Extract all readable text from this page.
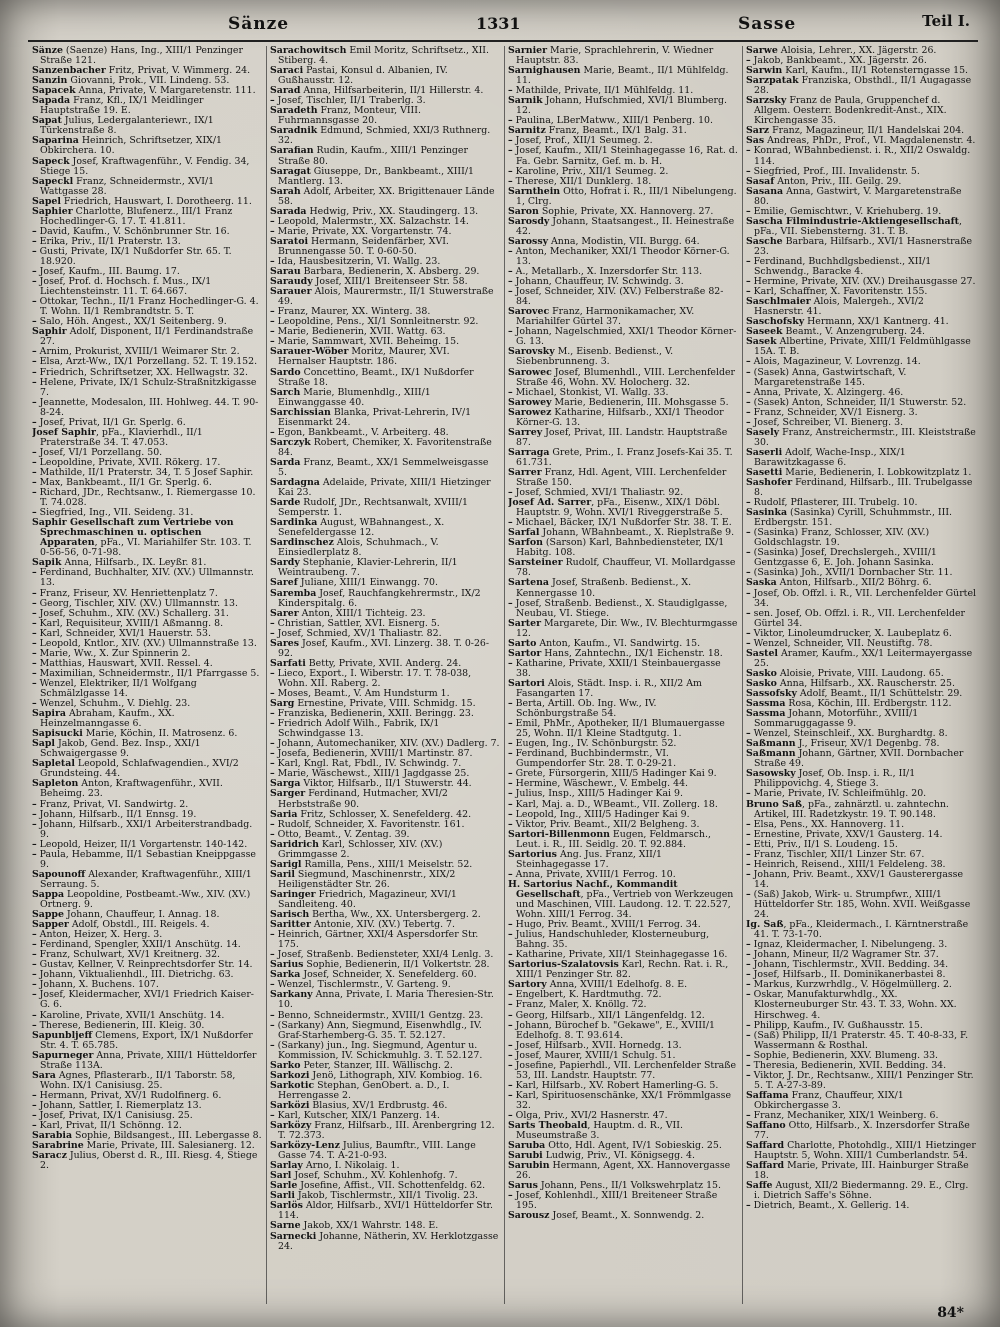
Sänze	1331	Sasse	Teil I.

Sänze (Saenze) Hans, Ing., XIII/1 Penzinger Straße 121.

Sanzenbacher Fritz, Privat, V. Wimmerg. 24.

Sanzin Giovanni, Prok., VII. Lindeng. 53.

Sapacek Anna, Private, V. Margaretenstr. 111.

Sapada Franz, Kfl., IX/1 Meidlinger Hauptstraße 19. E.

Sapat Julius, Ledergalanteriewr., IX/1 Türkenstraße 8.

Saparina Heinrich, Schriftsetzer, XIX/1 Obkirchera. 10.

Sapeck Josef, Kraftwagenführ., V. Fendig. 34, Stiege 15.

Sapeckl Franz, Schneidermstr., XVI/1 Wattgasse 28.

Sapel Friedrich, Hauswart, I. Dorotheerg. 11.

Saphier Charlotte, Blufenerz., III/1 Franz Hochedlinger-G. 17. T. 41.811.

– David, Kaufm., V. Schönbrunner Str. 16.

– Erika, Priv., II/1 Praterstr. 13.

– Gusti, Private, IX/1 Nußdorfer Str. 65. T. 18.920.

– Josef, Kaufm., III. Baumg. 17.

– Josef, Prof. d. Hochsch. f. Mus., IX/1 Liechtensteinstr. 11. T. 64.667.

– Ottokar, Techn., II/1 Franz Hochedlinger-G. 4. T. Wohn. II/1 Rembrandtstr. 5. T.

– Salo, Höh. Angest., XX/1 Seitenberg. 9.

Saphir Adolf, Disponent, II/1 Ferdinandstraße 27.

– Arnim, Prokurist, XVIII/1 Weimarer Str. 2.

– Elsa, Arzt-Ww., IX/1 Porzellang. 52. T. 19.152.

– Friedrich, Schriftsetzer, XX. Hellwagstr. 32.

– Helene, Private, IX/1 Schulz-Straßnitzkigasse 7.

– Jeannette, Modesalon, III. Hohlweg. 44. T. 90-8-24.

– Josef, Privat, II/1 Gr. Sperlg. 6.

Josef Saphir, pFa., Klavierhdl., II/1 Praterstraße 34. T. 47.053.

– Josef, VI/1 Porzellang. 50.

– Leopoldine, Private, XVII. Rökerg. 17.

– Mathilde, II/1 Praterstr. 34, T. 5 Josef Saphir.

– Max, Bankbeamt., II/1 Gr. Sperlg. 6.

– Richard, JDr., Rechtsanw., I. Riemergasse 10. T. 74.028.

– Siegfried, Ing., VII. Seideng. 31.

Saphir Gesellschaft zum Vertriebe von Sprechmaschinen u. optischen Apparaten, pFa., VI. Mariahilfer Str. 103. T. 0-56-56, 0-71-98.

Sapik Anna, Hilfsarb., IX. Leyßr. 81.

– Ferdinand, Buchhalter, XIV. (XV.) Ullmannstr. 13.

– Franz, Friseur, XV. Henriettenplatz 7.

– Georg, Tischler, XIV. (XV.) Ullmannstr. 13.

– Josef, Schuhm., XIV. (XV.) Schallerg. 31.

– Karl, Requisiteur, XVIII/1 Aßmanng. 8.

– Karl, Schneider, XVI/1 Hauerstr. 53.

– Leopold, Kntlor., XIV. (XV.) Ullmannstraße 13.

– Marie, Ww., X. Zur Spinnerin 2.

– Matthias, Hauswart, XVII. Ressel. 4.

– Maximilian, Schneidermstr., II/1 Pfarrgasse 5.

– Wenzel, Elektriker, II/1 Wolfgang Schmälzlgasse 14.

– Wenzel, Schuhm., V. Diehlg. 23.

Sapira Abraham, Kaufm., XX. Heinzelmanngasse 6.

Sapisucki Marie, Köchin, II. Matrosenz. 6.

Sapl Jakob, Gend. Bez. Insp., XXI/1 Schwaigergasse 9.

Sapletal Leopold, Schlafwagendien., XVI/2 Grundsteing. 44.

Sapleton Anton, Kraftwagenführ., XVII. Beheimg. 23.

– Franz, Privat, VI. Sandwirtg. 2.

– Johann, Hilfsarb., II/1 Ennsg. 19.

– Johann, Hilfsarb., XXI/1 Arbeiterstrandbadg. 9.

– Leopold, Heizer, II/1 Vorgartenstr. 140-142.

– Paula, Hebamme, II/1 Sebastian Kneippgasse 9.

Sapounoff Alexander, Kraftwagenführ., XIII/1 Serraung. 5.

Sappa Leopoldine, Postbeamt.-Ww., XIV. (XV.) Ortnerg. 9.

Sappe Johann, Chauffeur, I. Annag. 18.

Sapper Adolf, Obstdl., III. Reigels. 4.

– Anton, Heizer, X. Herg. 3.

– Ferdinand, Spengler, XXII/1 Anschütg. 14.

– Franz, Schulwart, XV/1 Kreitnerg. 32.

– Gustav, Kellner, V. Reinprechtsdorfer Str. 14.

– Johann, Viktualienhdl., III. Dietrichg. 63.

– Johann, X. Buchens. 107.

– Josef, Kleidermacher, XVI/1 Friedrich Kaiser-G. 6.

– Karoline, Private, XVII/1 Anschütg. 14.

– Therese, Bedienerin, III. Kleig. 30.

Sapunbljeff Clemens, Export, IX/1 Nußdorfer Str. 4. T. 65.785.

Sapurneger Anna, Private, XIII/1 Hütteldorfer Straße 113A.

Sara Agnes, Pflasterarb., II/1 Taborstr. 58, Wohn. IX/1 Canisiusg. 25.

– Hermann, Privat, XV/1 Rudolfinerg. 6.

– Johann, Sattler, I. Riemerplatz 13.

– Josef, Privat, IX/1 Canisiusg. 25.

– Karl, Privat, II/1 Schönng. 12.

Sarabia Sophie, Bildsangest., III. Lebergasse 8.

Sarabrine Marie, Private, III. Salesianerg. 12.

Saracz Julius, Oberst d. R., III. Riesg. 4, Stiege 2.

Sarachowitsch Emil Moritz, Schriftsetz., XII. Stiberg. 4.

Saraci Pastai, Konsul d. Albanien, IV. Gußhausstr. 12.

Sarad Anna, Hilfsarbeiterin, II/1 Hillerstr. 4.

– Josef, Tischler, II/1 Traberlg. 3.

Saradeth Franz, Monteur, VIII. Fuhrmannsgasse 20.

Saradnik Edmund, Schmied, XXI/3 Ruthnerg. 32.

Sarafian Rudin, Kaufm., XIII/1 Penzinger Straße 80.

Saragat Giuseppe, Dr., Bankbeamt., XIII/1 Mantlerg. 13.

Sarah Adolf, Arbeiter, XX. Brigittenauer Lände 58.

Sarada Hedwig, Priv., XX. Staudingerg. 13.

– Leopold, Malermstr., XX. Salzachstr. 14.

– Marie, Private, XX. Vorgartenstr. 74.

Saratoi Hermann, Seidenfärber, XVI. Brunnengasse 50. T. 0-60-50.

– Ida, Hausbesitzerin, VI. Wallg. 23.

Sarau Barbara, Bedienerin, X. Absberg. 29.

Saraudy Josef, XIII/1 Breitenseer Str. 58.

Sarauer Alois, Maurermstr., II/1 Stuwerstraße 49.

– Franz, Maurer, XX. Winterg. 38.

– Leopoldine, Pens., XI/1 Sonnleitnerstr. 92.

– Marie, Bedienerin, XVII. Wattg. 63.

– Marie, Sammwart, XVII. Beheimg. 15.

Sarauer-Wöber Moritz, Maurer, XVI. Hernalser Hauptstr. 186.

Sardo Concettino, Beamt., IX/1 Nußdorfer Straße 18.

Sarch Marie, Blumenhdlg., XIII/1 Einwanggasse 40.

Sarchissian Blanka, Privat-Lehrerin, IV/1 Eisenmarkt 24.

– Egon, Bankbeamt., V. Arbeiterg. 48.

Sarczyk Robert, Chemiker, X. Favoritenstraße 84.

Sarda Franz, Beamt., XX/1 Semmelweisgasse 5.

Sardagna Adelaide, Private, XIII/1 Hietzinger Kai 23.

Sarde Rudolf, JDr., Rechtsanwalt, XVIII/1 Semperstr. 1.

Sardinka August, WBahnangest., X. Senefeldergasse 12.

Sardinschez Alois, Schuhmach., V. Einsiedlerplatz 8.

Sardy Stephanie, Klavier-Lehrerin, II/1 Weintraubeng. 7.

Saref Juliane, XIII/1 Einwangg. 70.

Saremba Josef, Rauchfangkehrermstr., IX/2 Kinderspitalg. 6.

Sarer Anton, XIII/1 Tichteig. 23.

– Christian, Sattler, XVI. Eisnerg. 5.

– Josef, Schmied, XV/1 Thaliastr. 82.

Sares Josef, Kaufm., XVI. Linzerg. 38. T. 0-26-92.

Sarfati Betty, Private, XVII. Anderg. 24.

– Lieco, Export., I. Wiberstr. 17. T. 78-038, Wohn. XII. Raberg. 2.

– Moses, Beamt., V. Am Hundsturm 1.

Sarg Ernestine, Private, VIII. Schmidg. 15.

– Franziska, Bedienerin, XXII. Beringg. 23.

– Friedrich Adolf Wilh., Fabrik, IX/1 Schwindgasse 13.

– Johann, Automechaniker, XIV. (XV.) Dadlerg. 7.

– Josefa, Bedienerin, XVIII/1 Martinstr. 87.

– Karl, Kngl. Rat, Fbdl., IV. Schwindg. 7.

– Marie, Wäschewst., XIII/1 Jagdgasse 25.

Sarga Viktor, Hilfsarb., II/1 Stuwerstr. 44.

Sarger Ferdinand, Hutmacher, XVI/2 Herbststraße 90.

Saria Fritz, Schlosser, X. Senefelderg. 42.

– Rudolf, Schneider, X. Favoritenstr. 161.

– Otto, Beamt., V. Zentag. 39.

Saridrich Karl, Schlosser, XIV. (XV.) Grimmgasse 2.

Sarigl Ramilla, Pens., XIII/1 Meiselstr. 52.

Saril Siegmund, Maschinenrstr., XIX/2 Heiligenstädter Str. 26.

Saringer Friedrich, Magazineur, XVI/1 Sandleiteng. 40.

Sarisch Bertha, Ww., XX. Untersbergerg. 2.

Saritter Antonie, XIV. (XV.) Tebertg. 7.

– Heinrich, Gärtner, XXI/4 Aspersdorfer Str. 175.

– Josef, Straßenb. Bediensteter, XXI/4 Lenlg. 3.

Sarius Sophie, Bedienerin, II/1 Volkertstr. 28.

Sarka Josef, Schneider, X. Senefelderg. 60.

– Wenzel, Tischlermstr., V. Garteng. 9.

Sarkany Anna, Private, I. Maria Theresien-Str. 10.

– Benno, Schneidermstr., XVIII/1 Gentzg. 23.

– (Sarkany) Ann, Siegmund, Eisenwhdlg., IV. Graf-Starhemberg-G. 35. T. 52.127.

– (Sarkany) jun., Ing. Siegmund, Agentur u. Kommission, IV. Schickmuhlg. 3. T. 52.127.

Sarko Peter, Stanzer, III. Wällischg. 2.

Sarkozi Jenö, Lithograph, XIV. Kombiog. 16.

Sarkotic Stephan, GenObert. a. D., I. Herrengasse 2.

Sarközi Blasius, XV/1 Erdbrustg. 46.

– Karl, Kutscher, XIX/1 Panzerg. 14.

Sarközy Franz, Hilfsarb., III. Arenbergring 12. T. 72.373.

Sarközy-Lenz Julius, Baumftr., VIII. Lange Gasse 74. T. A-21-0-93.

Sarlay Arno, I. Nikolaig. 1.

Sarl Josef, Schuhm., XV. Kohlenhofg. 7.

Sarle Josefine, Affist., VII. Schottenfeldg. 62.

Sarli Jakob, Tischlermstr., XII/1 Tivolig. 23.

Sarlös Aldor, Hilfsarb., XVI/1 Hütteldorfer Str. 114.

Sarne Jakob, XX/1 Wahrstr. 148. E.

Sarnecki Johanne, Nätherin, XV. Herklotzgasse 24.

Sarnier Marie, Sprachlehrerin, V. Wiedner Hauptstr. 83.

Sarnighausen Marie, Beamt., II/1 Mühlfeldg. 11.

– Mathilde, Private, II/1 Mühlfeldg. 11.

Sarnik Johann, Hufschmied, XVI/1 Blumberg. 12.

– Paulina, LBerMatww., XIII/1 Penberg. 10.

Sarnitz Franz, Beamt., IX/1 Balg. 31.

– Josef, Prof., XII/1 Seumeg. 2.

– Josef, Kaufm., XII/1 Steinhagegasse 16, Rat. d. Fa. Gebr. Sarnitz, Gef. m. b. H.

– Karoline, Priv., XII/1 Seumeg. 2.

– Therese, XII/1 Dunklerg. 18.

Sarnthein Otto, Hofrat i. R., III/1 Nibelungeng. 1, Clrg.

Saron Sophie, Private, XX. Hannoverg. 27.

Sarosdy Johann, Staatsangest., II. Heinestraße 42.

Sarossy Anna, Modistin, VII. Burgg. 64.

– Anton, Mechaniker, XXI/1 Theodor Körner-G. 13.

– A., Metallarb., X. Inzersdorfer Str. 113.

– Johann, Chauffeur, IV. Schwindg. 3.

– Josef, Schneider, XIV. (XV.) Felberstraße 82-84.

Sarovec Franz, Harmonikamacher, XV. Mariahilfer Gürtel 37.

– Johann, Nagelschmied, XXI/1 Theodor Körner-G. 13.

Sarovsky M., Eisenb. Bedienst., V. Siebenbrunneng. 3.

Sarowec Josef, Blumenhdl., VIII. Lerchenfelder Straße 46, Wohn. XV. Holocherg. 32.

– Michael, Stonkist, VI. Wallg. 33.

Sarowey Marie, Bedienerin, III. Mohsgasse 5.

Sarowez Katharine, Hilfsarb., XXI/1 Theodor Körner-G. 13.

Sarrey Josef, Privat, III. Landstr. Hauptstraße 87.

Sarraga Grete, Prim., I. Franz Josefs-Kai 35. T. 61.731.

Sarrer Franz, Hdl. Agent, VIII. Lerchenfelder Straße 150.

– Josef, Schmied, XVI/1 Thaliastr. 92.

Josef Ad. Sarrer, pFa., Eisenw., XIX/1 Döbl. Hauptstr. 9, Wohn. XVI/1 Riveggerstraße 5.

– Michael, Bäcker, IX/1 Nußdorfer Str. 38. T. E.

Sarfal Johann, WBahnbeamt., X. Rieplstraße 9.

Sarfon (Sarson) Karl, Bahnbediensteter, IX/1 Habitg. 108.

Sarsteiner Rudolf, Chauffeur, VI. Mollardgasse 78.

Sartena Josef, Straßenb. Bedienst., X. Kennergasse 10.

– Josef, Straßenb. Bedienst., X. Staudiglgasse, Neubau, VI. Stiege.

Sarter Margarete, Dir. Ww., IV. Blechturmgasse 12.

Sarto Anton, Kaufm., VI. Sandwirtg. 15.

Sartor Hans, Zahntechn., IX/1 Eichenstr. 18.

– Katharine, Private, XXII/1 Steinbauergasse 38.

Sartori Alois, Städt. Insp. i. R., XII/2 Am Fasangarten 17.

– Berta, Artill. Ob. Ing. Ww., IV. Schönburgstraße 54.

– Emil, PhMr., Apotheker, II/1 Blumauergasse 25, Wohn. II/1 Kleine Stadtgutg. 1.

– Eugen, Ing., IV. Schönburgstr. 52.

– Ferdinand, Buchbindermstr., VI. Gumpendorfer Str. 28. T. 0-29-21.

– Grete, Fürsorgerin, XIII/5 Hadinger Kai 9.

– Hermine, Wäschewr., V. Embelg. 44.

– Julius, Insp., XIII/5 Hadinger Kai 9.

– Karl, Maj. a. D., WBeamt., VII. Zollerg. 18.

– Leopold, Ing., XIII/5 Hadinger Kai 9.

– Viktor, Priv. Beamt., XII/2 Belgheng. 3.

Sartori-Billenmonn Eugen, Feldmarsch., Leut. i. R., III. Seidlg. 20. T. 92.884.

Sartorius Ang. Jus. Franz, XII/1 Steinhagegasse 17.

– Anna, Private, XVIII/1 Ferrog. 10.

H. Sartorius Nachf., Kommandit Gesellschaft, pFa., Vertrieb von Werkzeugen und Maschinen, VIII. Laudong. 12. T. 22.527, Wohn. XIII/1 Ferrog. 34.

– Hugo, Priv. Beamt., XVIII/1 Ferrog. 34.

– Julius, Handschuhleder, Klosterneuburg, Bahng. 35.

– Katharine, Private, XII/1 Steinhagegasse 16.

Sartorius-Szalatovsis Karl, Rechn. Rat. i. R., XIII/1 Penzinger Str. 82.

Sartory Anna, XVIII/1 Edelhofg. 8. E.

– Engelbert, K. Hardtmuthg. 72.

– Franz, Maler, X. Knöllg. 72.

– Georg, Hilfsarb., XII/1 Längenfeldg. 12.

– Johann, Bürochef b. "Gekawe", E., XVIII/1 Edelhofg. 8. T. 93.614.

– Josef, Hilfsarb., XVII. Hornedg. 13.

– Josef, Maurer, XVIII/1 Schulg. 51.

– Josefine, Papierhdl., VII. Lerchenfelder Straße 53, III. Landstr. Hauptstr. 77.

– Karl, Hilfsarb., XV. Robert Hamerling-G. 5.

– Karl, Spirituosenschänke, XX/1 Frömmlgasse 32.

– Olga, Priv., XVI/2 Hasnerstr. 47.

Sarts Theobald, Hauptm. d. R., VII. Museumstraße 3.

Saruba Otto, Hdl. Agent, IV/1 Sobieskig. 25.

Sarubi Ludwig, Priv., VI. Königsegg. 4.

Sarubin Hermann, Agent, XX. Hannovergasse 26.

Sarus Johann, Pens., II/1 Volkswehrplatz 15.

– Josef, Kohlenhdl., XIII/1 Breiteneer Straße 195.

Sarousz Josef, Beamt., X. Sonnwendg. 2.

Sarwe Aloisia, Lehrer., XX. Jägerstr. 26.

– Jakob, Bankbeamt., XX. Jägerstr. 26.

Sarwin Karl, Kaufm., II/1 Rotensterngasse 15.

Sarzpatak Franziska, Obsthdl., II/1 Augagasse 28.

Sarzsky Franz de Paula, Gruppenchef d. Allgem. Oesterr. Bodenkredit-Anst., XIX. Kirchengasse 35.

Sarz Franz, Magazineur, II/1 Handelskai 204.

Sas Andreas, PhDr., Prof., VI. Magdalenenstr. 4.

– Konrad, WBahnbedienst. i. R., XII/2 Oswaldg. 114.

– Siegfried, Prof., III. Invalidenstr. 5.

Sasaf Anton, Priv., III. Geilg. 29.

Sasana Anna, Gastwirt, V. Margaretenstraße 80.

– Emilie, Gemischtwr., V. Kriehuberg. 19.

Sascha Filmindustrie-Aktiengesellschaft, pFa., VII. Siebensterng. 31. T. B.

Sasche Barbara, Hilfsarb., XVI/1 Hasnerstraße 23.

– Ferdinand, Buchhdlgsbedienst., XII/1 Schwendg., Baracke 4.

– Hermine, Private, XIV. (XV.) Dreihausgasse 27.

– Karl, Schaffner, X. Favoritenstr. 155.

Saschlmaier Alois, Malergeh., XVI/2 Hasnerstr. 41.

Saschofsky Hermann, XX/1 Kantnerg. 41.

Saseek Beamt., V. Anzengruberg. 24.

Sasek Albertine, Private, XIII/1 Feldmühlgasse 15A. T. B.

– Alois, Magazineur, V. Lovrenzg. 14.

– (Sasek) Anna, Gastwirtschaft, V. Margaretenstraße 145.

– Anna, Private, X. Alzingerg. 46.

– (Sasek) Anton, Schneider, II/1 Stuwerstr. 52.

– Franz, Schneider, XV/1 Eisnerg. 3.

– Josef, Schreiber, VI. Bienerg. 3.

Sasely Franz, Anstreichermstr., III. Kleiststraße 30.

Saserli Adolf, Wache-Insp., XIX/1 Barawitzkagasse 6.

Sasetti Marie, Bedienerin, I. Lobkowitzplatz 1.

Sashofer Ferdinand, Hilfsarb., III. Trubelgasse 8.

– Rudolf, Pflasterer, III. Trubelg. 10.

Sasinka (Sasinka) Cyrill, Schuhmmstr., III. Erdbergstr. 151.

– (Sasinka) Franz, Schlosser, XIV. (XV.) Goldschlagstr. 19.

– (Sasinka) Josef, Drechslergeh., XVIII/1 Gentzgasse 6, E. Joh. Johann Sasinka.

– (Sasinka) Joh., XVII/1 Dornbacher Str. 11.

Saska Anton, Hilfsarb., XII/2 Böhrg. 6.

– Josef, Ob. Offzl. i. R., VII. Lerchenfelder Gürtel 34.

– sen. Josef, Ob. Offzl. i. R., VII. Lerchenfelder Gürtel 34.

– Viktor, Linoleumdrucker, X. Laubeplatz 6.

– Wenzel, Schneider, VII. Neustiftg. 78.

Sastel Aramer, Kaufm., XX/1 Leitermayergasse 25.

Sasko Aloisie, Private, VIII. Laudong. 65.

Sasko Anna, Hilfsarb., XX. Rauscherstr. 25.

Sassofsky Adolf, Beamt., II/1 Schüttelstr. 29.

Sassma Rosa, Köchin, III. Erdbergstr. 112.

Sassma Johann, Motorführ., XVIII/1 Sommaruggagasse 9.

– Wenzel, Steinschleif., XX. Burghardtg. 8.

Saßmann J., Friseur, XV/1 Degenbg. 78.

Saßmann Johann, Gärtner, XVII. Dornbacher Straße 49.

Sasowsky Josef, Ob. Insp. i. R., II/1 Philippovichg. 4, Stiege 3.

– Marie, Private, IV. Schleifmühlg. 20.

Bruno Saß, pFa., zahnärztl. u. zahntechn. Artikel, III. Radetzkystr. 19. T. 90.148.

– Elsa, Pens., XX. Hannoverg. 11.

– Ernestine, Private, XXV/1 Gausterg. 14.

– Etti, Priv., II/1 S. Loudeng. 15.

– Franz, Tischler, XII/1 Linzer Str. 67.

– Heinrich, Reisend., XIII/1 Feldeleng. 38.

– Johann, Priv. Beamt., XXV/1 Gausterergasse 14.

– (Saß) Jakob, Wirk- u. Strumpfwr., XIII/1 Hütteldorfer Str. 185, Wohn. XVII. Weißgasse 24.

Ig. Saß, pFa., Kleidermach., I. Kärntnerstraße 41. T. 73-1-70.

– Ignaz, Kleidermacher, I. Nibelungeng. 3.

– Johann, Mineur, II/2 Wagramer Str. 37.

– Johann, Tischlermstr., XVII. Bedding. 34.

– Josef, Hilfsarb., II. Dominikanerbastei 8.

– Markus, Kurzwrhdlg., V. Högelmüllerg. 2.

– Oskar, Manufakturwhdlg., XX. Klosterneuburger Str. 43. T. 33, Wohn. XX. Hirschweg. 4.

– Philipp, Kaufm., IV. Gußhausstr. 15.

– (Saß) Philipp, II/1 Praterstr. 45. T. 40-8-33, F. Wassermann & Rosthal.

– Sophie, Bedienerin, XXV. Blumeng. 33.

– Theresia, Bedienerin, XVII. Bedding. 34.

– Viktor, J. Dr., Rechtsanw., XIII/1 Penzinger Str. 5. T. A-27-3-89.

Saffama Franz, Chauffeur, XIX/1 Obkirchergasse 3.

– Franz, Mechaniker, XIX/1 Weinberg. 6.

Saffano Otto, Hilfsarb., X. Inzersdorfer Straße 77.

Saffard Charlotte, Photohdlg., XIII/1 Hietzinger Hauptstr. 5, Wohn. XIII/1 Cumberlandstr. 54.

Saffard Marie, Private, III. Hainburger Straße 18.

Saffe August, XII/2 Biedermanng. 29. E., Clrg. i. Dietrich Saffe's Söhne.

– Dietrich, Beamt., X. Gellerig. 14.

84*
